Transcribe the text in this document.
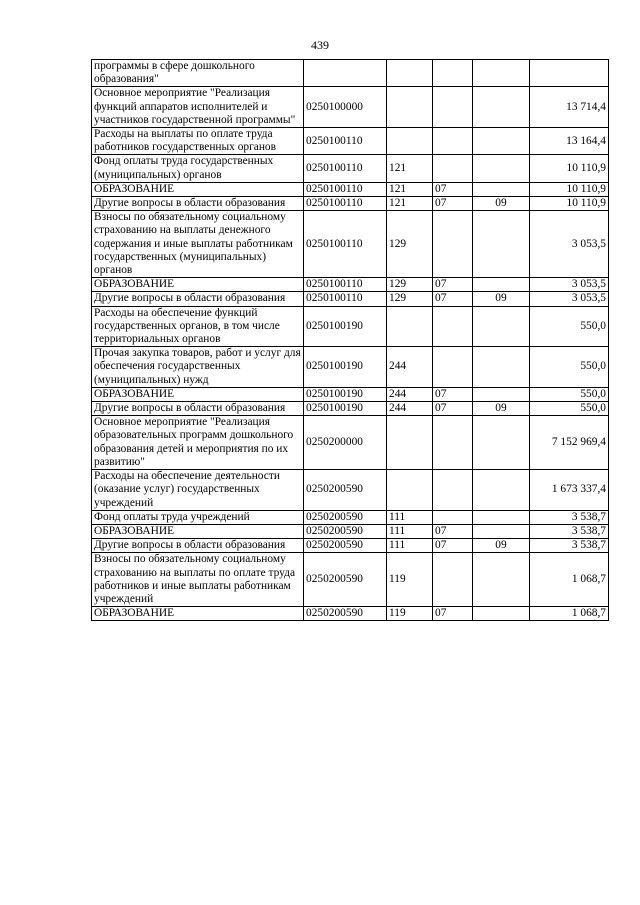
439
программы в сфере дошкольного образования"					
Основное мероприятие "Реализация функций аппаратов исполнителей и участников государственной программы"	0250100000				13 714,4
Расходы на выплаты по оплате труда работников государственных органов	0250100110				13 164,4
Фонд оплаты труда государственных (муниципальных) органов	0250100110	121			10 110,9
ОБРАЗОВАНИЕ	0250100110	121	07		10 110,9
Другие вопросы в области образования	0250100110	121	07	09	10 110,9
Взносы по обязательному социальному страхованию на выплаты денежного содержания и иные выплаты работникам государственных (муниципальных) органов	0250100110	129			3 053,5
ОБРАЗОВАНИЕ	0250100110	129	07		3 053,5
Другие вопросы в области образования	0250100110	129	07	09	3 053,5
Расходы на обеспечение функций государственных органов, в том числе территориальных органов	0250100190				550,0
Прочая закупка товаров, работ и услуг для обеспечения государственных (муниципальных) нужд	0250100190	244			550,0
ОБРАЗОВАНИЕ	0250100190	244	07		550,0
Другие вопросы в области образования	0250100190	244	07	09	550,0
Основное мероприятие "Реализация образовательных программ дошкольного образования детей и мероприятия по их развитию"	0250200000				7 152 969,4
Расходы на обеспечение деятельности (оказание услуг) государственных учреждений	0250200590				1 673 337,4
Фонд оплаты труда учреждений	0250200590	111			3 538,7
ОБРАЗОВАНИЕ	0250200590	111	07		3 538,7
Другие вопросы в области образования	0250200590	111	07	09	3 538,7
Взносы по обязательному социальному страхованию на выплаты по оплате труда работников и иные выплаты работникам учреждений	0250200590	119			1 068,7
ОБРАЗОВАНИЕ	0250200590	119	07		1 068,7
